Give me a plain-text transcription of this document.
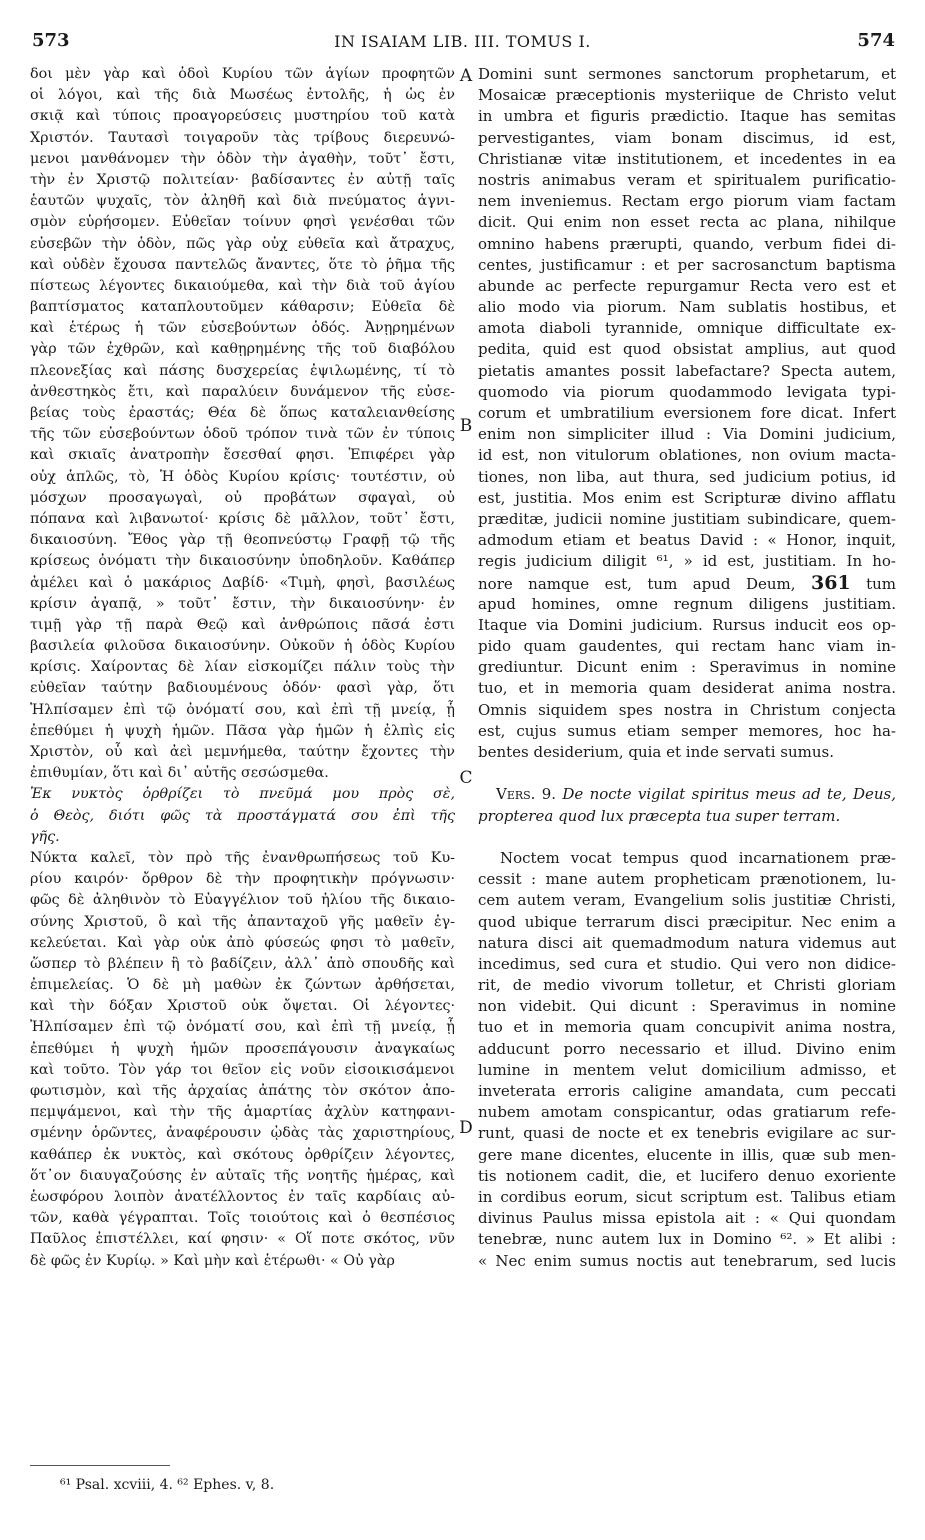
573	IN ISAIAM LIB. III. TOMUS I.	574
δοι μὲν γὰρ καὶ ὁδοὶ Κυρίου τῶν ἁγίων προφητῶν
οἱ λόγοι, καὶ τῆς διὰ Μωσέως ἐντολῆς, ἡ ὡς ἐν
σκιᾷ καὶ τύποις προαγορεύσεις μυστηρίου τοῦ κατὰ
Χριστόν. Ταυτασὶ τοιγαροῦν τὰς τρίβους διερευνώ-
μενοι μανθάνομεν τὴν ὁδὸν τὴν ἀγαθὴν, τοῦτ᾽ ἔστι,
τὴν ἐν Χριστῷ πολιτείαν· βαδίσαντες ἐν αὐτῇ ταῖς
ἑαυτῶν ψυχαῖς, τὸν ἀληθῆ καὶ διὰ πνεύματος ἁγνι-
σμὸν εὑρήσομεν. Εὐθεῖαν τοίνυν φησὶ γενέσθαι τῶν
εὐσεβῶν τὴν ὁδὸν, πῶς γὰρ οὐχ εὐθεῖα καὶ ἄτραχυς,
καὶ οὐδὲν ἔχουσα παντελῶς ἄναντες, ὅτε τὸ ῥῆμα τῆς
πίστεως λέγοντες δικαιούμεθα, καὶ τὴν διὰ τοῦ ἁγίου
βαπτίσματος καταπλουτοῦμεν κάθαρσιν; Εὐθεῖα δὲ
καὶ ἑτέρως ἡ τῶν εὐσεβούντων ὁδός. Ἀνῃρημένων
γὰρ τῶν ἐχθρῶν, καὶ καθῃρημένης τῆς τοῦ διαβόλου
πλεονεξίας καὶ πάσης δυσχερείας ἐψιλωμένης, τί τὸ
ἀνθεστηκὸς ἔτι, καὶ παραλύειν δυνάμενον τῆς εὐσε-
βείας τοὺς ἐραστάς; Θέα δὲ ὅπως καταλειανθείσης
τῆς τῶν εὐσεβούντων ὁδοῦ τρόπον τινὰ τῶν ἐν τύποις
καὶ σκιαῖς ἀνατροπὴν ἔσεσθαί φησι. Ἐπιφέρει γὰρ
οὐχ ἁπλῶς, τὸ, Ἡ ὁδὸς Κυρίου κρίσις· τουτέστιν, οὐ
μόσχων προσαγωγαὶ, οὐ προβάτων σφαγαὶ, οὐ
πόπανα καὶ λιβανωτοί· κρίσις δὲ μᾶλλον, τοῦτ᾽ ἔστι,
δικαιοσύνη. Ἔθος γὰρ τῇ θεοπνεύστῳ Γραφῇ τῷ τῆς
κρίσεως ὀνόματι τὴν δικαιοσύνην ὑποδηλοῦν. Καθάπερ
ἀμέλει καὶ ὁ μακάριος Δαβίδ· «Τιμὴ, φησὶ, βασιλέως
κρίσιν ἀγαπᾷ, » τοῦτ᾽ ἔστιν, τὴν δικαιοσύνην· ἐν
τιμῇ γὰρ τῇ παρὰ Θεῷ καὶ ἀνθρώποις πᾶσά ἐστι
βασιλεία φιλοῦσα δικαιοσύνην. Οὐκοῦν ἡ ὁδὸς Κυρίου
κρίσις. Χαίροντας δὲ λίαν εἰσκομίζει πάλιν τοὺς τὴν
εὐθεῖαν ταύτην βαδιουμένους ὁδόν· φασὶ γὰρ, ὅτι
Ἠλπίσαμεν ἐπὶ τῷ ὀνόματί σου, καὶ ἐπὶ τῇ μνείᾳ, ᾗ
ἐπεθύμει ἡ ψυχὴ ἡμῶν. Πᾶσα γὰρ ἡμῶν ἡ ἐλπὶς εἰς
Χριστὸν, οὗ καὶ ἀεὶ μεμνήμεθα, ταύτην ἔχοντες τὴν
ἐπιθυμίαν, ὅτι καὶ δι᾽ αὐτῆς σεσώσμεθα.
Ἐκ νυκτὸς ὀρθρίζει τὸ πνεῦμά μου πρὸς σὲ,
ὁ Θεὸς, διότι φῶς τὰ προστάγματά σου ἐπὶ τῆς
γῆς.
Νύκτα καλεῖ, τὸν πρὸ τῆς ἐνανθρωπήσεως τοῦ Κυ-
ρίου καιρόν· ὄρθρον δὲ τὴν προφητικὴν πρόγνωσιν·
φῶς δὲ ἀληθινὸν τὸ Εὐαγγέλιον τοῦ ἡλίου τῆς δικαιο-
σύνης Χριστοῦ, ὃ καὶ τῆς ἁπανταχοῦ γῆς μαθεῖν ἐγ-
κελεύεται. Καὶ γὰρ οὐκ ἀπὸ φύσεώς φησι τὸ μαθεῖν,
ὥσπερ τὸ βλέπειν ἢ τὸ βαδίζειν, ἀλλ᾽ ἀπὸ σπουδῆς καὶ
ἐπιμελείας. Ὁ δὲ μὴ μαθὼν ἐκ ζώντων ἀρθήσεται,
καὶ τὴν δόξαν Χριστοῦ οὐκ ὄψεται. Οἱ λέγοντες·
Ἠλπίσαμεν ἐπὶ τῷ ὀνόματί σου, καὶ ἐπὶ τῇ μνείᾳ, ᾗ
ἐπεθύμει ἡ ψυχὴ ἡμῶν προσεπάγουσιν ἀναγκαίως
καὶ τοῦτο. Τὸν γάρ τοι θεῖον εἰς νοῦν εἰσοικισάμενοι
φωτισμὸν, καὶ τῆς ἀρχαίας ἀπάτης τὸν σκότον ἀπο-
πεμψάμενοι, καὶ τὴν τῆς ἁμαρτίας ἀχλὺν κατηφανι-
σμένην ὁρῶντες, ἀναφέρουσιν ᾠδὰς τὰς χαριστηρίους,
καθάπερ ἐκ νυκτὸς, καὶ σκότους ὀρθρίζειν λέγοντες,
ὅτ᾽ον διαυγαζούσης ἐν αὐταῖς τῆς νοητῆς ἡμέρας, καὶ
ἑωσφόρου λοιπὸν ἀνατέλλοντος ἐν ταῖς καρδίαις αὐ-
τῶν, καθὰ γέγραπται. Τοῖς τοιούτοις καὶ ὁ θεσπέσιος
Παῦλος ἐπιστέλλει, καί φησιν· « Οἵ ποτε σκότος, νῦν
δὲ φῶς ἐν Κυρίῳ. » Καὶ μὴν καὶ ἑτέρωθι· « Οὐ γὰρ
Domini sunt sermones sanctorum prophetarum, et
Mosaicæ præceptionis mysteriique de Christo velut
in umbra et figuris prædictio. Itaque has semitas
pervestigantes, viam bonam discimus, id est,
Christianæ vitæ institutionem, et incedentes in ea
nostris animabus veram et spiritualem purificatio-
nem inveniemus. Rectam ergo piorum viam factam
dicit. Qui enim non esset recta ac plana, nihilque
omnino habens prærupti, quando, verbum fidei di-
centes, justificamur : et per sacrosanctum baptisma
abunde ac perfecte repurgamur Recta vero est et
alio modo via piorum. Nam sublatis hostibus, et
amota diaboli tyrannide, omnique difficultate ex-
pedita, quid est quod obsistat amplius, aut quod
pietatis amantes possit labefactare? Specta autem,
quomodo via piorum quodammodo levigata typi-
corum et umbratilium eversionem fore dicat. Infert
enim non simpliciter illud : Via Domini judicium,
id est, non vitulorum oblationes, non ovium macta-
tiones, non liba, aut thura, sed judicium potius, id
est, justitia. Mos enim est Scripturæ divino afflatu
præditæ, judicii nomine justitiam subindicare, quem-
admodum etiam et beatus David : « Honor, inquit,
regis judicium diligit ⁶¹, » id est, justitiam. In ho-
nore namque est, tum apud Deum, 361 tum
apud homines, omne regnum diligens justitiam.
Itaque via Domini judicium. Rursus inducit eos op-
pido quam gaudentes, qui rectam hanc viam in-
grediuntur. Dicunt enim : Speravimus in nomine
tuo, et in memoria quam desiderat anima nostra.
Omnis siquidem spes nostra in Christum conjecta
est, cujus sumus etiam semper memores, hoc ha-
bentes desiderium, quia et inde servati sumus.
Vers. 9. De nocte vigilat spiritus meus ad te, Deus,
propterea quod lux præcepta tua super terram.
Noctem vocat tempus quod incarnationem præ-
cessit : mane autem propheticam prænotionem, lu-
cem autem veram, Evangelium solis justitiæ Christi,
quod ubique terrarum disci præcipitur. Nec enim a
natura disci ait quemadmodum natura videmus aut
incedimus, sed cura et studio. Qui vero non didice-
rit, de medio vivorum tolletur, et Christi gloriam
non videbit. Qui dicunt : Speravimus in nomine
tuo et in memoria quam concupivit anima nostra,
adducunt porro necessario et illud. Divino enim
lumine in mentem velut domicilium admisso, et
inveterata erroris caligine amandata, cum peccati
nubem amotam conspicantur, odas gratiarum refe-
runt, quasi de nocte et ex tenebris evigilare ac sur-
gere mane dicentes, elucente in illis, quæ sub men-
tis notionem cadit, die, et lucifero denuo exoriente
in cordibus eorum, sicut scriptum est. Talibus etiam
divinus Paulus missa epistola ait : « Qui quondam
tenebræ, nunc autem lux in Domino ⁶². » Et alibi :
« Nec enim sumus noctis aut tenebrarum, sed lucis
A
B
C
D
⁶¹ Psal. xcviii, 4. ⁶² Ephes. v, 8.
